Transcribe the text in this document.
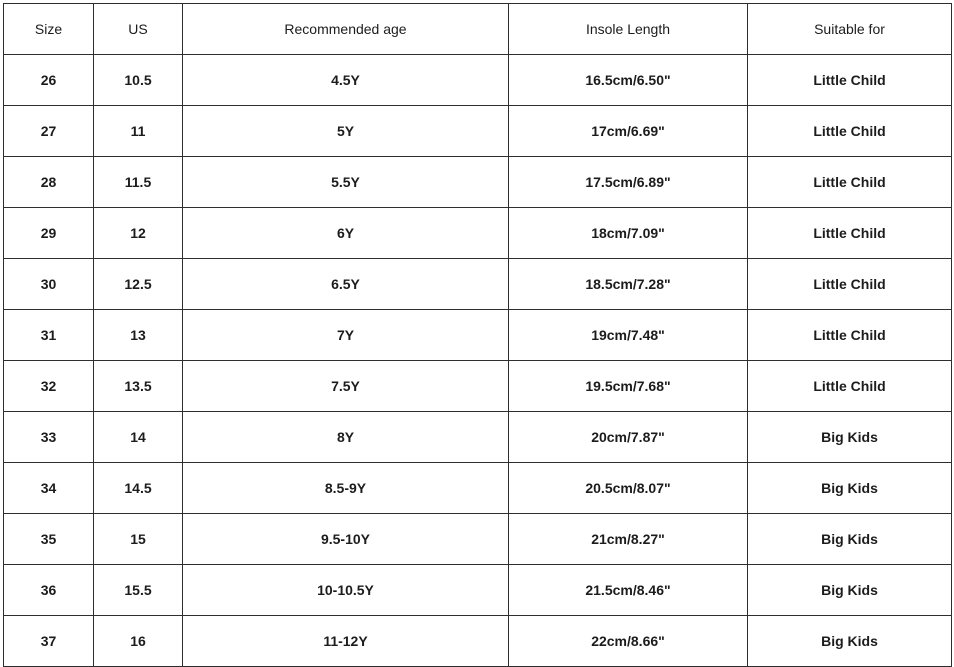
Size	US	Recommended age	Insole Length	Suitable for
26	10.5	4.5Y	16.5cm/6.50"	Little Child
27	11	5Y	17cm/6.69"	Little Child
28	11.5	5.5Y	17.5cm/6.89"	Little Child
29	12	6Y	18cm/7.09"	Little Child
30	12.5	6.5Y	18.5cm/7.28"	Little Child
31	13	7Y	19cm/7.48"	Little Child
32	13.5	7.5Y	19.5cm/7.68"	Little Child
33	14	8Y	20cm/7.87"	Big Kids
34	14.5	8.5-9Y	20.5cm/8.07"	Big Kids
35	15	9.5-10Y	21cm/8.27"	Big Kids
36	15.5	10-10.5Y	21.5cm/8.46"	Big Kids
37	16	11-12Y	22cm/8.66"	Big Kids
